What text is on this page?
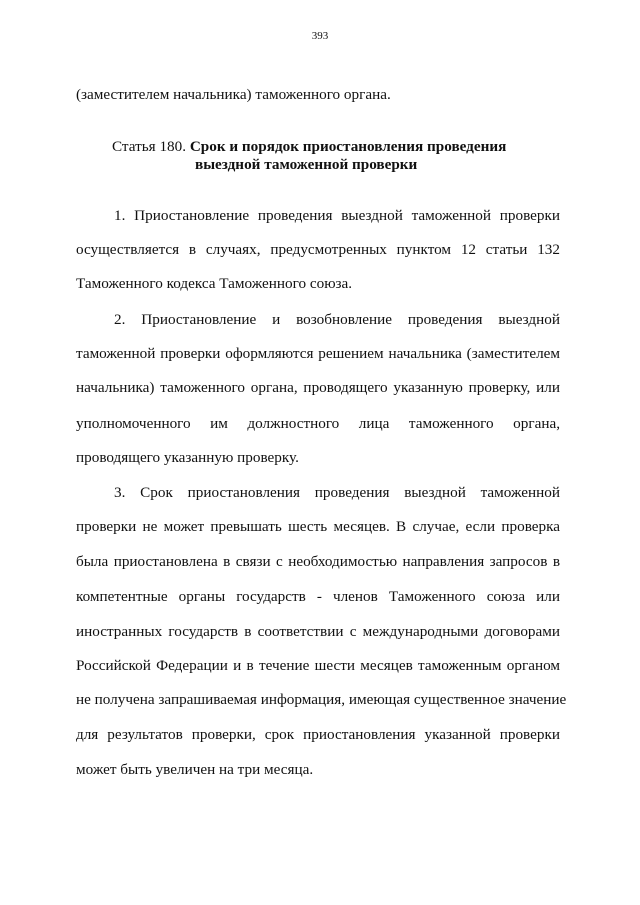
393
(заместителем начальника) таможенного органа.
Статья 180. Срок и порядок приостановления проведения
выездной таможенной проверки
1. Приостановление проведения выездной таможенной проверки
осуществляется в случаях, предусмотренных пунктом 12 статьи 132
Таможенного кодекса Таможенного союза.
2. Приостановление и возобновление проведения выездной
таможенной проверки оформляются решением начальника (заместителем
начальника) таможенного органа, проводящего указанную проверку, или
уполномоченного им должностного лица таможенного органа,
проводящего указанную проверку.
3. Срок приостановления проведения выездной таможенной
проверки не может превышать шесть месяцев. В случае, если проверка
была приостановлена в связи с необходимостью направления запросов в
компетентные органы государств - членов Таможенного союза или
иностранных государств в соответствии с международными договорами
Российской Федерации и в течение шести месяцев таможенным органом
не получена запрашиваемая информация, имеющая существенное значение
для результатов проверки, срок приостановления указанной проверки
может быть увеличен на три месяца.
